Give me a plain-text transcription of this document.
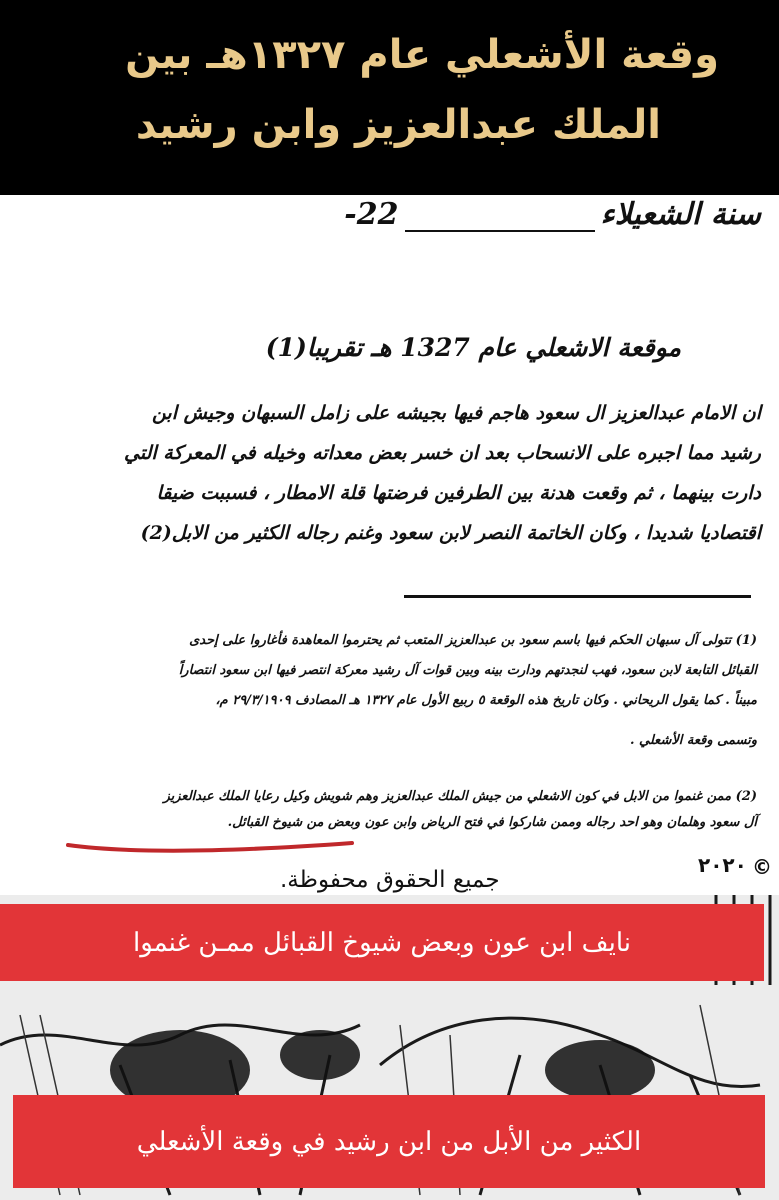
وقعة الأشعلي عام ١٣٢٧هـ بين
الملك عبدالعزيز وابن رشيد
سنة الشعيلاء-22
موقعة الاشعلي عام 1327 هـ تقريبا(1)
ان الامام عبدالعزيز ال سعود هاجم فيها بجيشه على زامل السبهان وجيش ابن
رشيد مما اجبره على الانسحاب بعد ان خسر بعض معداته وخيله في المعركة التي
دارت بينهما ، ثم وقعت هدنة بين الطرفين فرضتها قلة الامطار ، فسببت ضيقا
اقتصاديا شديدا ، وكان الخاتمة النصر لابن سعود وغنم رجاله الكثير من الابل(2)
(1) تتولى آل سبهان الحكم فيها باسم سعود بن عبدالعزيز المتعب ثم يحترموا المعاهدة فأغاروا على إحدى
القبائل التابعة لابن سعود، فهب لنجدتهم ودارت بينه وبين قوات آل رشيد معركة انتصر فيها ابن سعود انتصاراً
مبيناً . كما يقول الريحاني . وكان تاريخ هذه الوقعة ٥ ربيع الأول عام ١٣٢٧ هـ المصادف ٢٩/٣/١٩٠٩ م،
وتسمى وقعة الأشعلي .
(2) ممن غنموا من الابل في كون الاشعلي من جيش الملك عبدالعزيز وهم شويش وكيل رعايا الملك عبدالعزيز
آل سعود وهلمان وهو احد رجاله وممن شاركوا في فتح الرياض وابن عون وبعض من شيوخ القبائل.
©
٢٠٢٠
جميع الحقوق محفوظة.
نايف ابن عون وبعض شيوخ القبائل ممـن غنموا
الكثير من الأبل من ابن رشيد في وقعة الأشعلي
